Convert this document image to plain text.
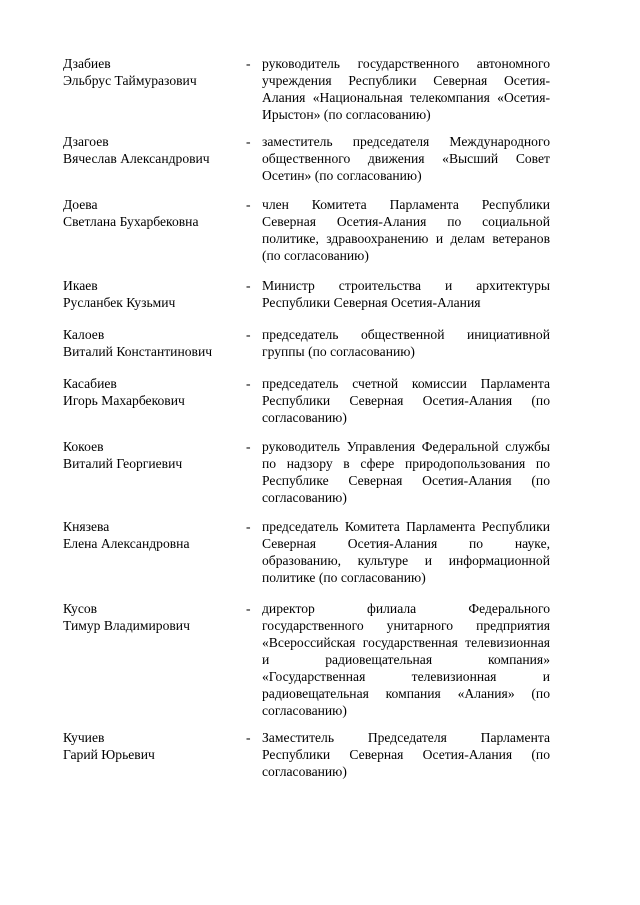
Дзабиев
Эльбрус Таймуразович
- руководитель государственного автономного
учреждения Республики Северная Осетия-
Алания «Национальная телекомпания «Осетия-
Ирыстон» (по согласованию)
Дзагоев
Вячеслав Александрович
- заместитель председателя Международного
общественного движения «Высший Совет
Осетин» (по согласованию)
Доева
Светлана Бухарбековна
- член Комитета Парламента Республики
Северная Осетия-Алания по социальной
политике, здравоохранению и делам ветеранов
(по согласованию)
Икаев
Русланбек Кузьмич
- Министр строительства и архитектуры
Республики Северная Осетия-Алания
Калоев
Виталий Константинович
- председатель общественной инициативной
группы (по согласованию)
Касабиев
Игорь Махарбекович
- председатель счетной комиссии Парламента
Республики Северная Осетия-Алания (по
согласованию)
Кокоев
Виталий Георгиевич
- руководитель Управления Федеральной службы
по надзору в сфере природопользования по
Республике Северная Осетия-Алания (по
согласованию)
Князева
Елена Александровна
- председатель Комитета Парламента Республики
Северная Осетия-Алания по науке,
образованию, культуре и информационной
политике (по согласованию)
Кусов
Тимур Владимирович
- директор филиала Федерального
государственного унитарного предприятия
«Всероссийская государственная телевизионная
и радиовещательная компания»
«Государственная телевизионная и
радиовещательная компания «Алания» (по
согласованию)
Кучиев
Гарий Юрьевич
- Заместитель Председателя Парламента
Республики Северная Осетия-Алания (по
согласованию)
